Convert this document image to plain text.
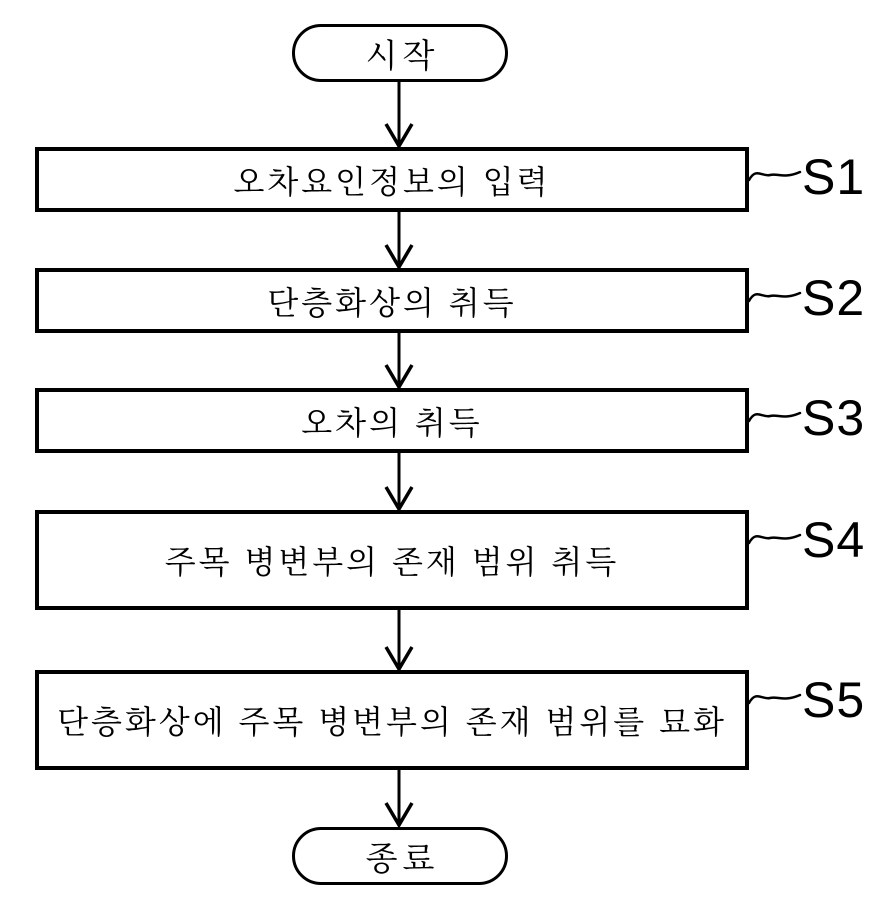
시작
오차요인정보의 입력
단층화상의 취득
오차의 취득
주목 병변부의 존재 범위 취득
단층화상에 주목 병변부의 존재 범위를 묘화
S1
S2
S3
S4
S5
종료
